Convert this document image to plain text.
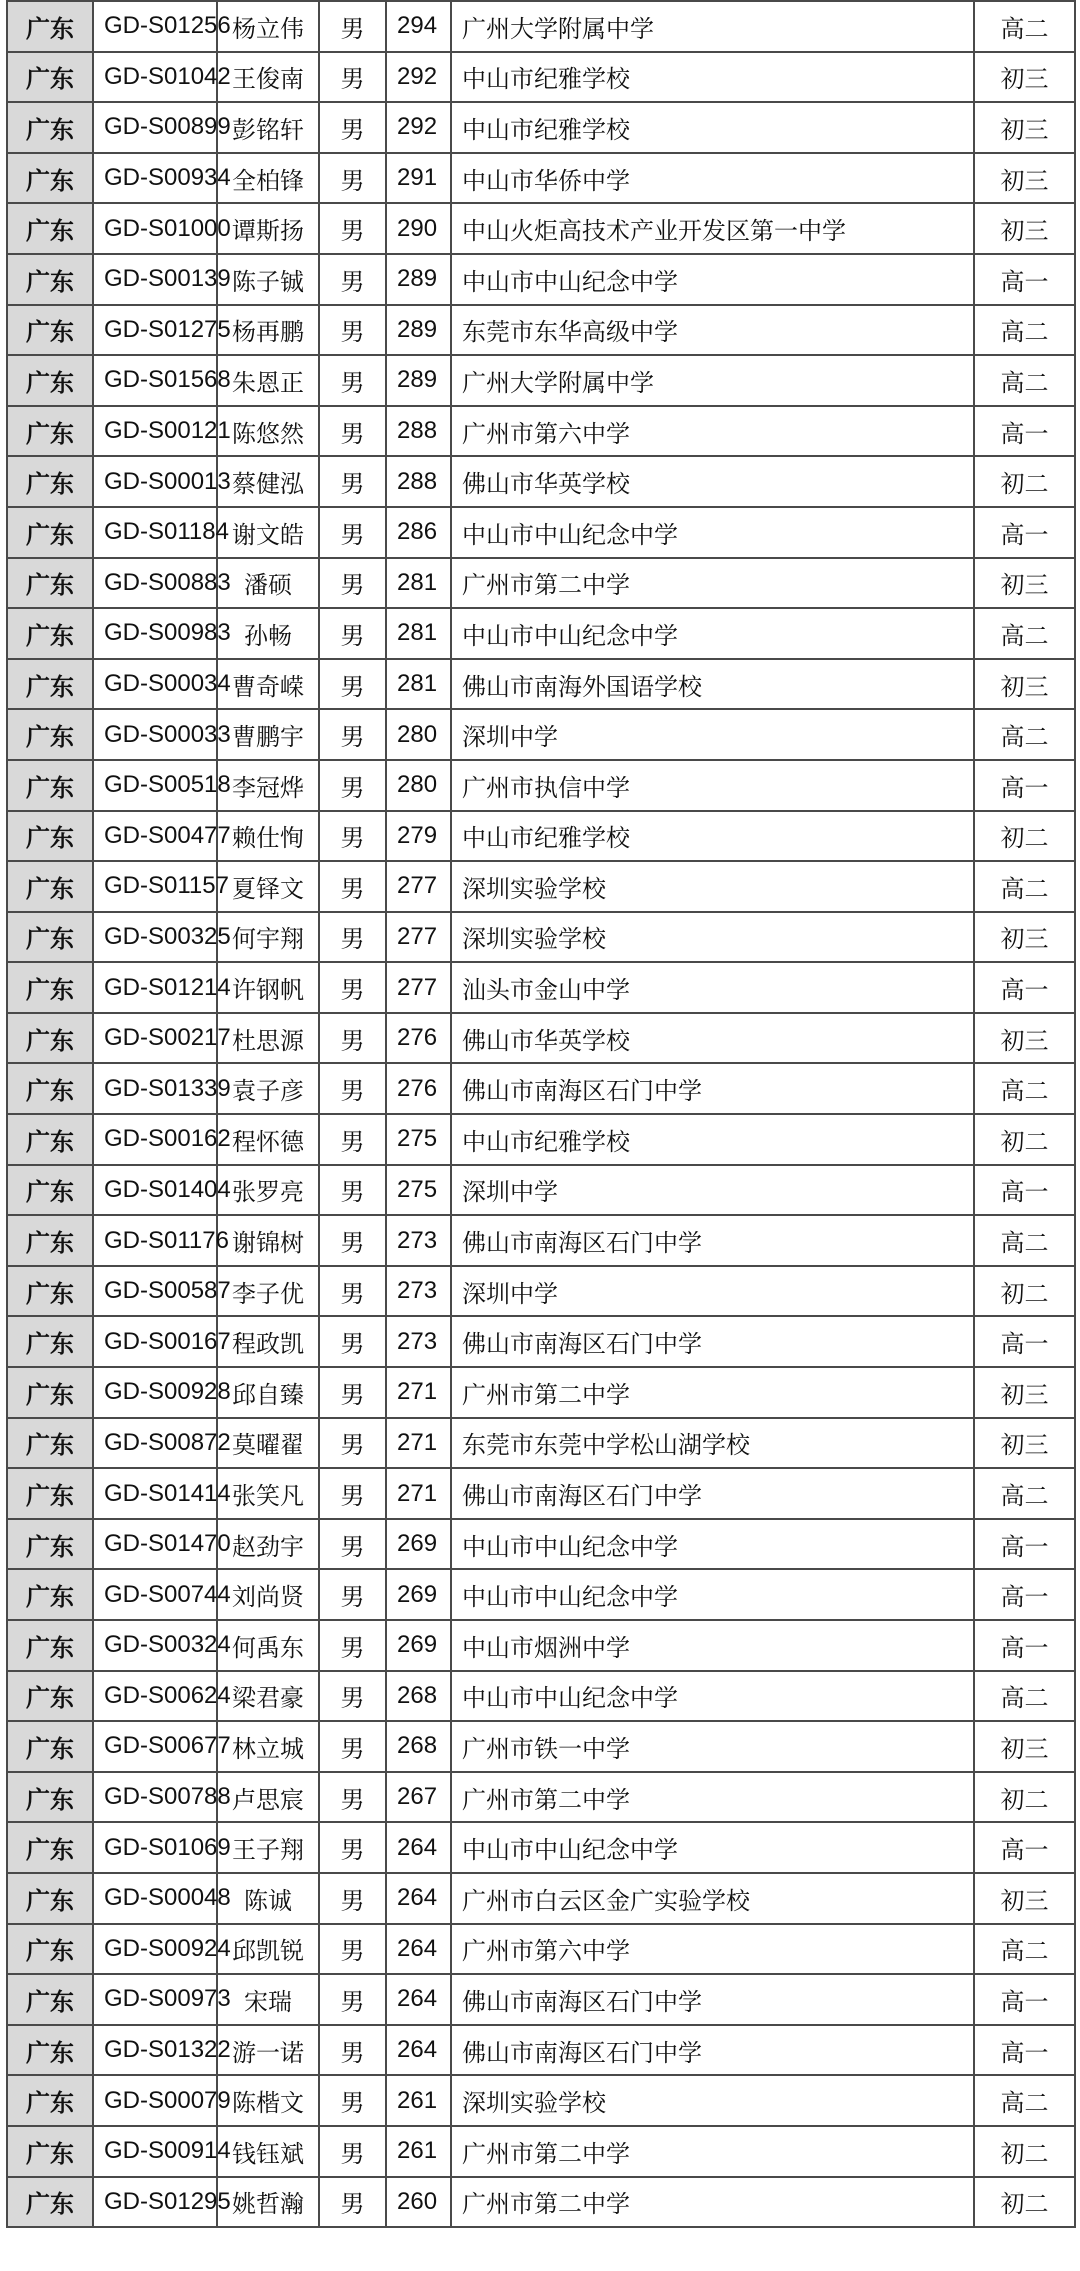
广东	GD-S01256	杨立伟	男	294	广州大学附属中学	高二
广东	GD-S01042	王俊南	男	292	中山市纪雅学校	初三
广东	GD-S00899	彭铭轩	男	292	中山市纪雅学校	初三
广东	GD-S00934	全柏锋	男	291	中山市华侨中学	初三
广东	GD-S01000	谭斯扬	男	290	中山火炬高技术产业开发区第一中学	初三
广东	GD-S00139	陈子铖	男	289	中山市中山纪念中学	高一
广东	GD-S01275	杨再鹏	男	289	东莞市东华高级中学	高二
广东	GD-S01568	朱恩正	男	289	广州大学附属中学	高二
广东	GD-S00121	陈悠然	男	288	广州市第六中学	高一
广东	GD-S00013	蔡健泓	男	288	佛山市华英学校	初二
广东	GD-S01184	谢文皓	男	286	中山市中山纪念中学	高一
广东	GD-S00883	潘硕	男	281	广州市第二中学	初三
广东	GD-S00983	孙畅	男	281	中山市中山纪念中学	高二
广东	GD-S00034	曹奇嵘	男	281	佛山市南海外国语学校	初三
广东	GD-S00033	曹鹏宇	男	280	深圳中学	高二
广东	GD-S00518	李冠烨	男	280	广州市执信中学	高一
广东	GD-S00477	赖仕恂	男	279	中山市纪雅学校	初二
广东	GD-S01157	夏铎文	男	277	深圳实验学校	高二
广东	GD-S00325	何宇翔	男	277	深圳实验学校	初三
广东	GD-S01214	许钢帆	男	277	汕头市金山中学	高一
广东	GD-S00217	杜思源	男	276	佛山市华英学校	初三
广东	GD-S01339	袁子彦	男	276	佛山市南海区石门中学	高二
广东	GD-S00162	程怀德	男	275	中山市纪雅学校	初二
广东	GD-S01404	张罗亮	男	275	深圳中学	高一
广东	GD-S01176	谢锦树	男	273	佛山市南海区石门中学	高二
广东	GD-S00587	李子优	男	273	深圳中学	初二
广东	GD-S00167	程政凯	男	273	佛山市南海区石门中学	高一
广东	GD-S00928	邱自臻	男	271	广州市第二中学	初三
广东	GD-S00872	莫曜翟	男	271	东莞市东莞中学松山湖学校	初三
广东	GD-S01414	张笑凡	男	271	佛山市南海区石门中学	高二
广东	GD-S01470	赵劲宇	男	269	中山市中山纪念中学	高一
广东	GD-S00744	刘尚贤	男	269	中山市中山纪念中学	高一
广东	GD-S00324	何禹东	男	269	中山市烟洲中学	高一
广东	GD-S00624	梁君豪	男	268	中山市中山纪念中学	高二
广东	GD-S00677	林立城	男	268	广州市铁一中学	初三
广东	GD-S00788	卢思宸	男	267	广州市第二中学	初二
广东	GD-S01069	王子翔	男	264	中山市中山纪念中学	高一
广东	GD-S00048	陈诚	男	264	广州市白云区金广实验学校	初三
广东	GD-S00924	邱凯锐	男	264	广州市第六中学	高二
广东	GD-S00973	宋瑞	男	264	佛山市南海区石门中学	高一
广东	GD-S01322	游一诺	男	264	佛山市南海区石门中学	高一
广东	GD-S00079	陈楷文	男	261	深圳实验学校	高二
广东	GD-S00914	钱钰斌	男	261	广州市第二中学	初二
广东	GD-S01295	姚哲瀚	男	260	广州市第二中学	初二
